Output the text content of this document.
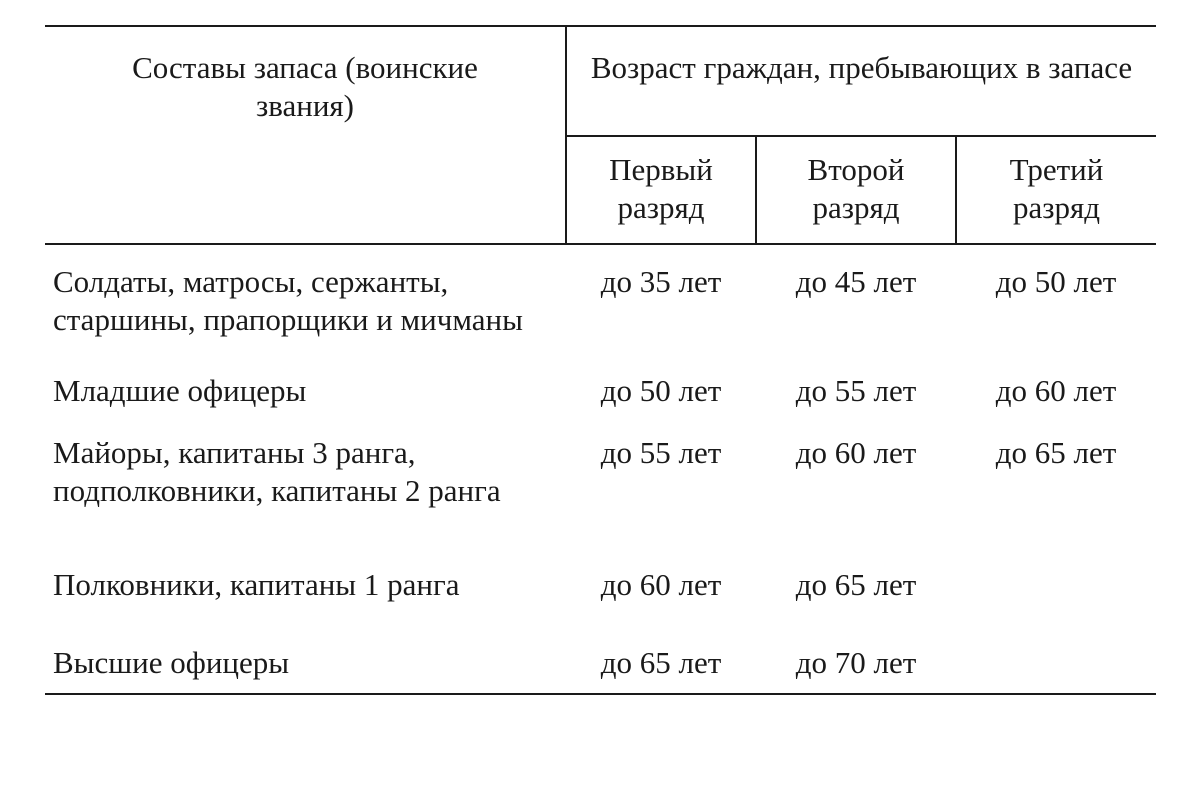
Составы запаса (воинские звания)	Возраст граждан, пребывающих в запасе		
	Первый разряд	Второй разряд	Третий разряд
Солдаты, матросы, сержанты, старшины, прапорщики и мичманы	до 35 лет	до 45 лет	до 50 лет
Младшие офицеры	до 50 лет	до 55 лет	до 60 лет
Майоры, капитаны 3 ранга, подполковники, капитаны 2 ранга	до 55 лет	до 60 лет	до 65 лет
Полковники, капитаны 1 ранга	до 60 лет	до 65 лет	
Высшие офицеры	до 65 лет	до 70 лет	
